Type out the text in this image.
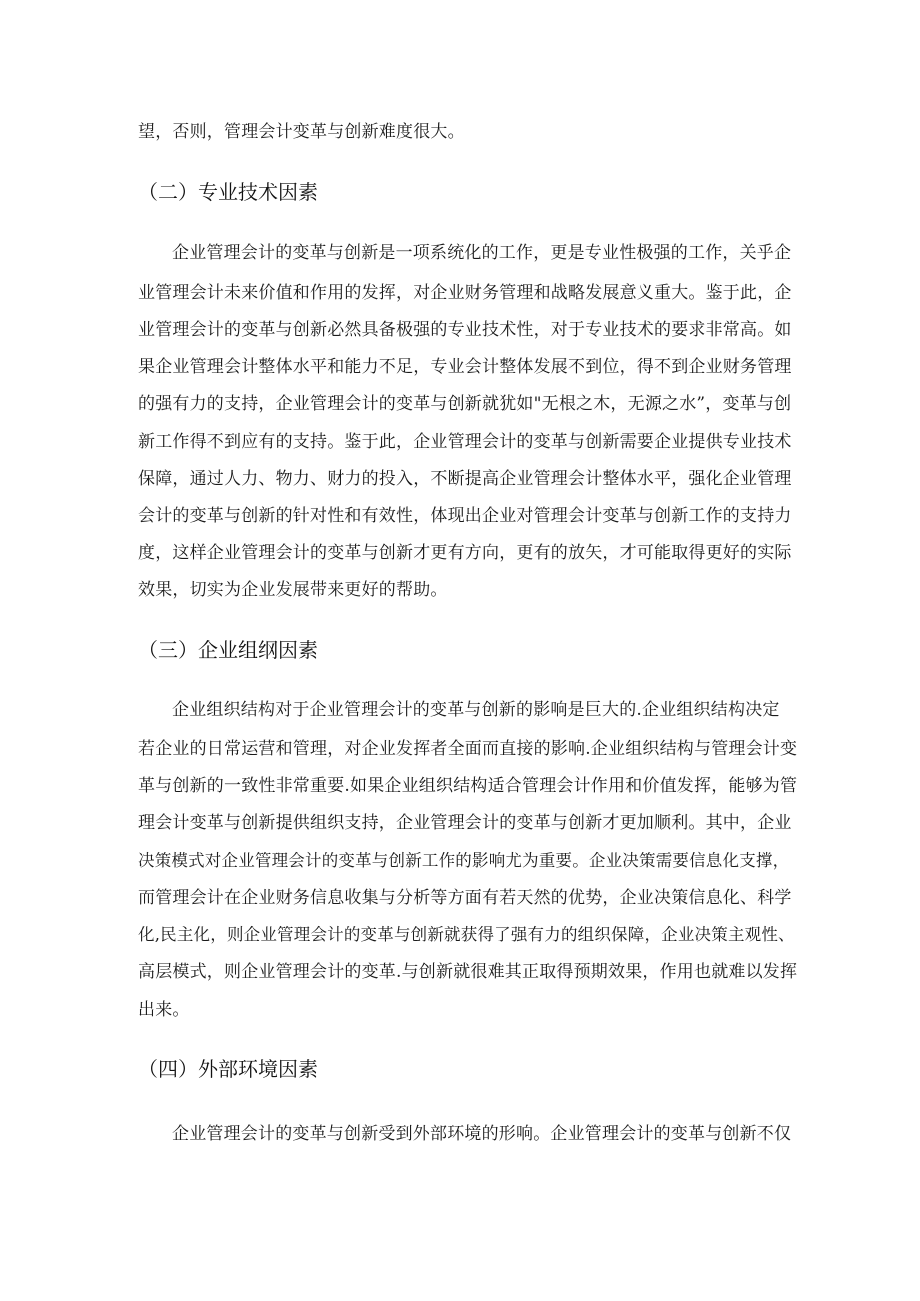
望，否则，管理会计变革与创新难度很大。
（二）专业技术因素
企业管理会计的变革与创新是一项系统化的工作，更是专业性极强的工作，关乎企
业管理会计未来价值和作用的发挥，对企业财务管理和战略发展意义重大。鉴于此，企
业管理会计的变革与创新必然具备极强的专业技术性，对于专业技术的要求非常高。如
果企业管理会计整体水平和能力不足，专业会计整体发展不到位，得不到企业财务管理
的强有力的支持，企业管理会计的变革与创新就犹如"无根之木，无源之水”，变革与创
新工作得不到应有的支持。鉴于此，企业管理会计的变革与创新需要企业提供专业技术
保障，通过人力、物力、财力的投入，不断提高企业管理会计整体水平，强化企业管理
会计的变革与创新的针对性和有效性，体现出企业对管理会计变革与创新工作的支持力
度，这样企业管理会计的变革与创新才更有方向，更有的放矢，才可能取得更好的实际
效果，切实为企业发展带来更好的帮助。
（三）企业组纲因素
企业组织结构对于企业管理会计的变革与创新的影响是巨大的.企业组织结构决定
若企业的日常运营和管理，对企业发挥者全面而直接的影响.企业组织结构与管理会计变
革与创新的一致性非常重要.如果企业组织结构适合管理会计作用和价值发挥，能够为管
理会计变革与创新提供组织支持，企业管理会计的变革与创新才更加顺利。其中，企业
决策模式对企业管理会计的变革与创新工作的影响尤为重要。企业决策需要信息化支撑，
而管理会计在企业财务信息收集与分析等方面有若天然的优势，企业决策信息化、科学
化,民主化，则企业管理会计的变革与创新就获得了强有力的组织保障，企业决策主观性、
高层模式，则企业管理会计的变革.与创新就很难其正取得预期效果，作用也就难以发挥
出来。
（四）外部环境因素
企业管理会计的变革与创新受到外部环境的形响。企业管理会计的变革与创新不仅
